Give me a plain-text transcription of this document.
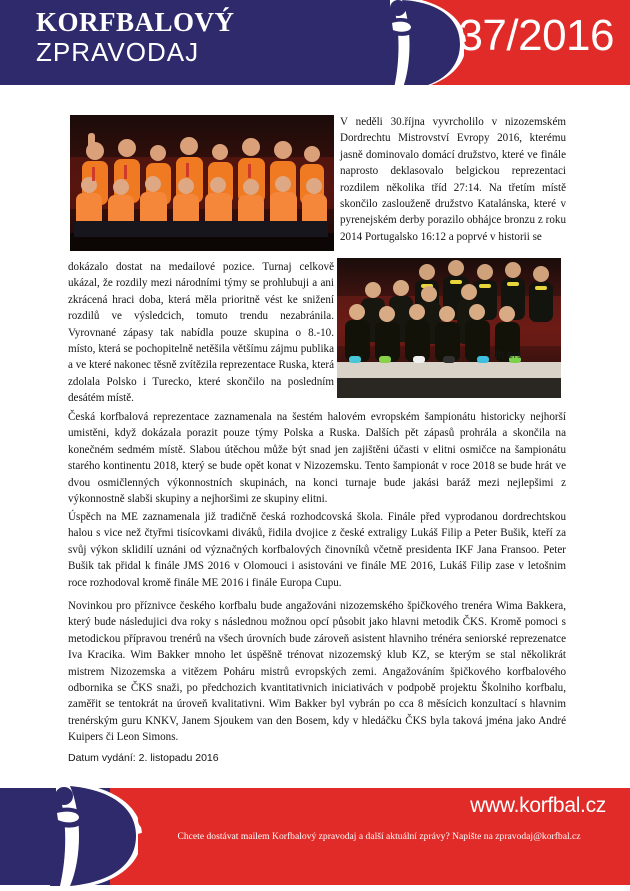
KORFBALOVÝ
ZPRAVODAJ	37/2016
V neděli 30.října vyvrcholilo v nizozemském Dordrechtu Mistrovství Evropy 2016, kterému jasně dominovalo domácí družstvo, které ve finále naprosto deklasovalo belgickou reprezentaci rozdilem několika tříd 27:14. Na třetím místě skončilo zaslouženě družstvo Katalánska, které v pyrenejském derby porazilo obhájce bronzu z roku 2014 Portugalsko 16:12 a poprvé v historii se
dokázalo dostat na medailové pozice. Turnaj celkově ukázal, že rozdily mezi národními týmy se prohlubuji a ani zkrácená hraci doba, která měla prioritně vést ke snižení rozdilů ve výsledcich, tomuto trendu nezabránila. Vyrovnané zápasy tak nabídla pouze skupina o 8.-10. místo, která se pochopitelně netěšila většímu zájmu publika a ve které nakonec těsně zvítězila reprezentace Ruska, která zdolala Polsko i Turecko, které skončilo na posledním desátém místě.
th ers
Česká korfbalová reprezentace zaznamenala na šestém halovém evropském šampionátu historicky nejhorší umistěni, když dokázala porazit pouze týmy Polska a Ruska. Dalších pět zápasů prohrála a skončila na konečném sedmém místě. Slabou útěchou může být snad jen zajištěni účasti v elitni osmičce na šampionátu starého kontinentu 2018, který se bude opět konat v Nizozemsku. Tento šampionát v roce 2018 se bude hrát ve dvou osmičlenných výkonnostních skupinách, na konci turnaje bude jakási baráž mezi nejlepšimi z výkonnostně slabši skupiny a nejhoršimi ze skupiny elitni.
Úspěch na ME zaznamenala již tradičně česká rozhodcovská škola. Finále před vyprodanou dordrechtskou halou s vice než čtyřmi tisícovkami diváků, řidila dvojice z české extraligy Lukáš Filip a Peter Bušik, kteří za svůj výkon sklidilí uznáni od význačných korfbalových činovníků včetně presidenta IKF Jana Fransoo. Peter Bušik tak přidal k finále JMS 2016 v Olomouci i asistováni ve finále ME 2016, Lukáš Filip zase v letošnim roce rozhodoval kromě finále ME 2016 i finále Europa Cupu.
Novinkou pro příznivce českého korfbalu bude angažováni nizozemského špičkového trenéra Wima Bakkera, který bude následujici dva roky s následnou možnou opcí působit jako hlavni metodik ČKS. Kromě pomoci s metodickou přípravou trenérů na všech úrovních bude zároveň asistent hlavniho trénéra seniorské reprezenatce Iva Kracika. Wim Bakker mnoho let úspěšně trénovat nizozemský klub KZ, se kterým se stal několikrát mistrem Nizozemska a vitězem Poháru mistrů evropských zemi. Angažováním špičkového korfbalového odbornika se ČKS snaži, po předchozich kvantitativnich iniciativách v podpobě projektu Školniho korfbalu, zaměřit se tentokrát na úroveň kvalitativni. Wim Bakker byl vybrán po cca 8 měsícich konzultací s hlavnim trenérským guru KNKV, Janem Sjoukem van den Bosem, kdy v hledáčku ČKS byla taková jména jako André Kuipers či Leon Simons.
Datum vydání: 2. listopadu 2016
www.korfbal.cz
Chcete dostávat mailem Korfbalový zpravodaj a další aktuální zprávy? Napište na zpravodaj@korfbal.cz
